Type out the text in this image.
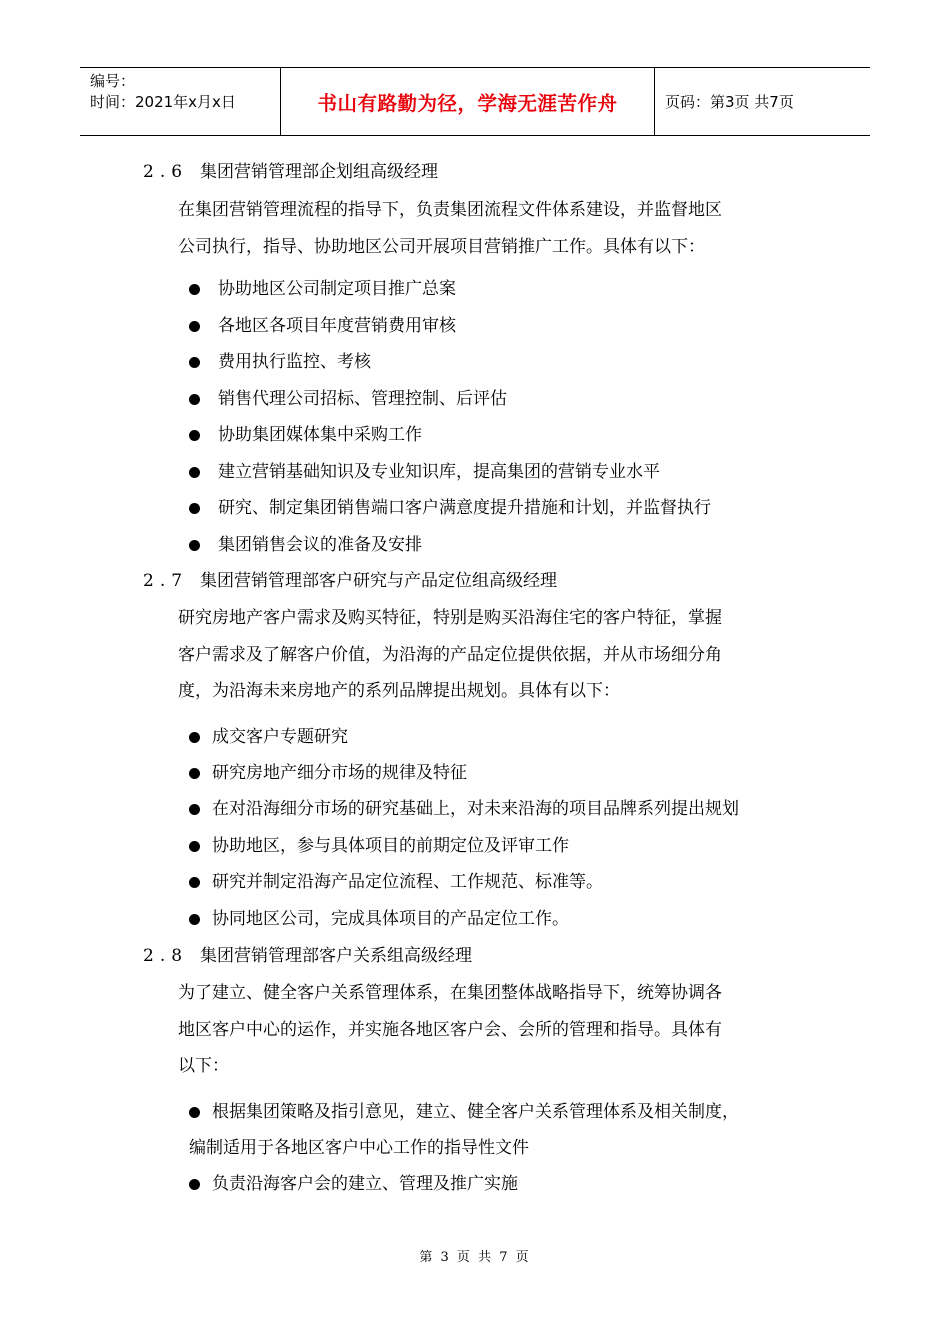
编号：
时间：2021年x月x日	书山有路勤为径，学海无涯苦作舟	页码：第3页 共7页
2.6 集团营销管理部企划组高级经理
在集团营销管理流程的指导下，负责集团流程文件体系建设，并监督地区
公司执行，指导、协助地区公司开展项目营销推广工作。具体有以下：
协助地区公司制定项目推广总案
各地区各项目年度营销费用审核
费用执行监控、考核
销售代理公司招标、管理控制、后评估
协助集团媒体集中采购工作
建立营销基础知识及专业知识库，提高集团的营销专业水平
研究、制定集团销售端口客户满意度提升措施和计划，并监督执行
集团销售会议的准备及安排
2.7 集团营销管理部客户研究与产品定位组高级经理
研究房地产客户需求及购买特征，特别是购买沿海住宅的客户特征，掌握
客户需求及了解客户价值，为沿海的产品定位提供依据，并从市场细分角
度，为沿海未来房地产的系列品牌提出规划。具体有以下：
成交客户专题研究
研究房地产细分市场的规律及特征
在对沿海细分市场的研究基础上，对未来沿海的项目品牌系列提出规划
协助地区，参与具体项目的前期定位及评审工作
研究并制定沿海产品定位流程、工作规范、标准等。
协同地区公司，完成具体项目的产品定位工作。
2.8 集团营销管理部客户关系组高级经理
为了建立、健全客户关系管理体系，在集团整体战略指导下，统筹协调各
地区客户中心的运作，并实施各地区客户会、会所的管理和指导。具体有
以下：
根据集团策略及指引意见，建立、健全客户关系管理体系及相关制度，
编制适用于各地区客户中心工作的指导性文件
负责沿海客户会的建立、管理及推广实施
第 3 页 共 7 页
